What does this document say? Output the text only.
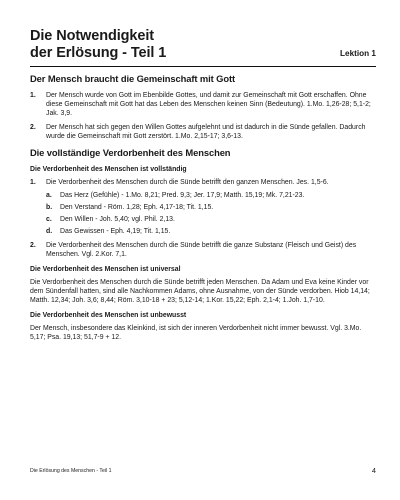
Die Notwendigkeit
der Erlösung - Teil 1	Lektion 1
Der Mensch braucht die Gemeinschaft mit Gott
1. Der Mensch wurde von Gott im Ebenbilde Gottes, und damit zur Gemeinschaft mit Gott erschaffen. Ohne diese Gemeinschaft mit Gott hat das Leben des Menschen keinen Sinn (Bedeutung). 1.Mo. 1,26-28; 5,1-2; Jak. 3,9.
2. Der Mensch hat sich gegen den Willen Gottes aufgelehnt und ist dadurch in die Sünde gefallen. Dadurch wurde die Gemeinschaft mit Gott zerstört. 1.Mo. 2,15-17; 3,6-13.
Die vollständige Verdorbenheit des Menschen
Die Verdorbenheit des Menschen ist vollständig
1. Die Verdorbenheit des Menschen durch die Sünde betrifft den ganzen Menschen. Jes. 1,5-6.
a. Das Herz (Gefühle) - 1.Mo. 8,21; Pred. 9,3; Jer. 17,9; Matth. 15,19; Mk. 7,21-23.
b. Den Verstand - Röm. 1,28; Eph. 4,17-18; Tit. 1,15.
c. Den Willen - Joh. 5,40; vgl. Phil. 2,13.
d. Das Gewissen - Eph. 4,19; Tit. 1,15.
2. Die Verdorbenheit des Menschen durch die Sünde betrifft die ganze Substanz (Fleisch und Geist) des Menschen. Vgl. 2.Kor. 7,1.
Die Verdorbenheit des Menschen ist universal

Die Verdorbenheit des Menschen durch die Sünde betrifft jeden Menschen. Da Adam und Eva keine Kinder vor dem Sündenfall hatten, sind alle Nachkommen Adams, ohne Ausnahme, von der Sünde verdorben. Hiob 14,14; Matth. 12,34; Joh. 3,6; 8,44; Röm. 3,10-18 + 23; 5,12-14; 1.Kor. 15,22; Eph. 2,1-4; 1.Joh. 1,7-10.

Die Verdorbenheit des Menschen ist unbewusst

Der Mensch, insbesondere das Kleinkind, ist sich der inneren Verdorbenheit nicht immer bewusst. Vgl. 3.Mo. 5,17; Psa. 19,13; 51,7-9 + 12.

Die Erlösung des Menschen - Teil 1	4
